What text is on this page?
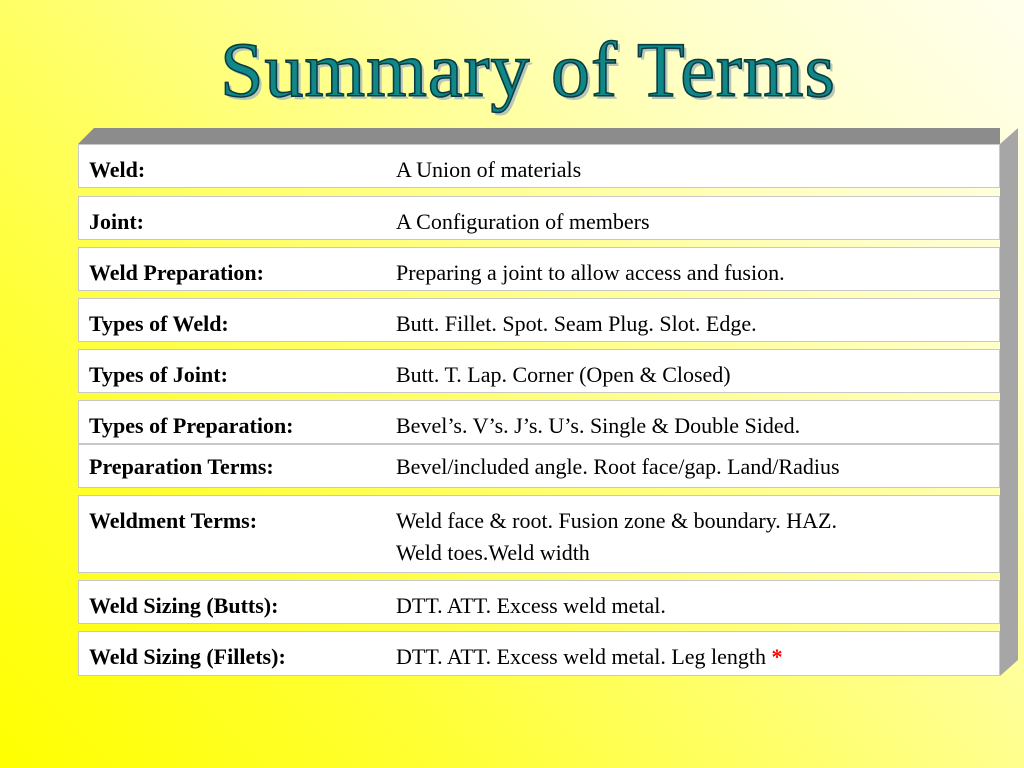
Summary of Terms
Weld:	A Union of materials
Joint:	A Configuration of members
Weld Preparation:	Preparing a joint to allow access and fusion.
Types of Weld:	Butt. Fillet. Spot. Seam Plug. Slot. Edge.
Types of Joint:	Butt. T. Lap. Corner (Open & Closed)
Types of Preparation:	Bevel’s. V’s. J’s. U’s. Single & Double Sided.
Preparation Terms:	Bevel/included angle. Root face/gap. Land/Radius
Weldment Terms:	Weld face & root. Fusion zone & boundary. HAZ.
Weld toes.Weld width
Weld Sizing (Butts):	DTT. ATT. Excess weld metal.
Weld Sizing (Fillets):	DTT. ATT. Excess weld metal. Leg length *
